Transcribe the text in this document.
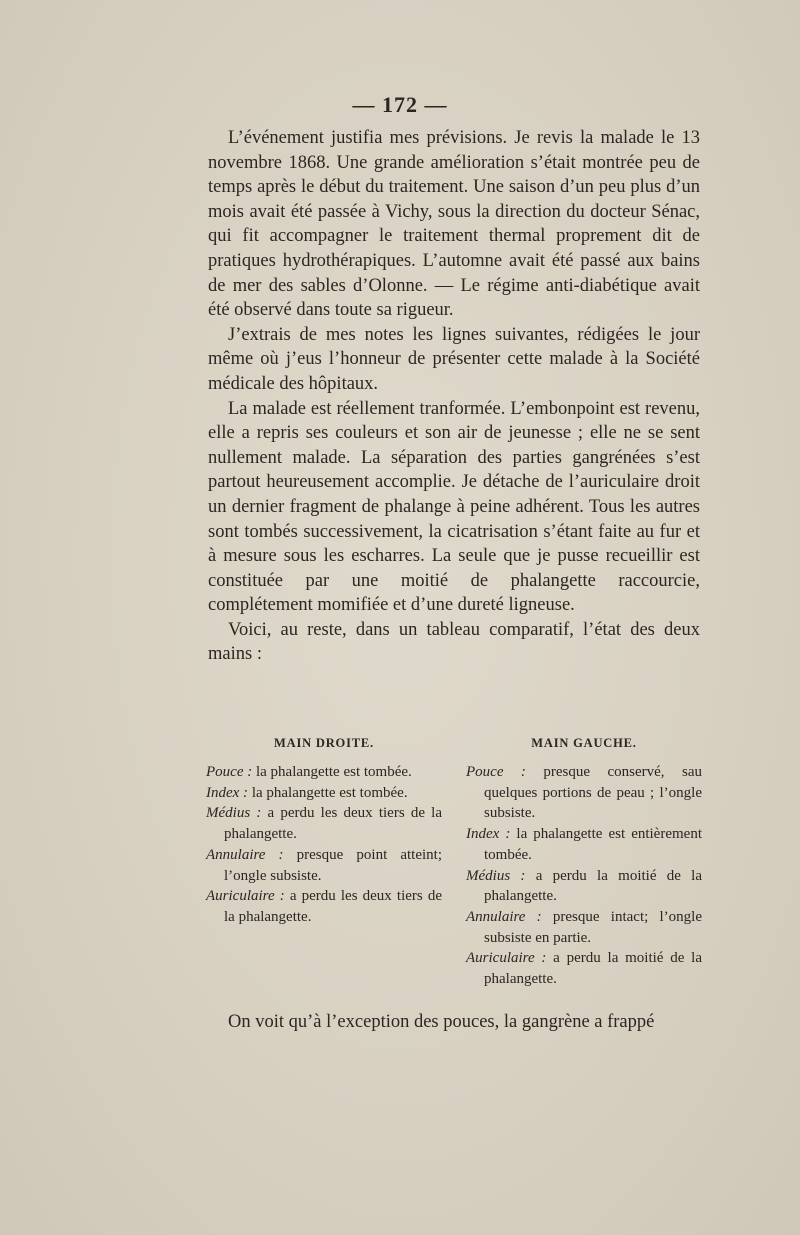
— 172 —

L’événement justifia mes prévisions. Je revis la malade le 13 novembre 1868. Une grande amélioration s’était montrée peu de temps après le début du traitement. Une saison d’un peu plus d’un mois avait été passée à Vichy, sous la direction du docteur Sénac, qui fit accompagner le traitement thermal proprement dit de pratiques hydrothérapiques. L’automne avait été passé aux bains de mer des sables d’Olonne. — Le régime anti-diabétique avait été observé dans toute sa rigueur.

J’extrais de mes notes les lignes suivantes, rédigées le jour même où j’eus l’honneur de présenter cette malade à la Société médicale des hôpitaux.

La malade est réellement tranformée. L’embonpoint est revenu, elle a repris ses couleurs et son air de jeunesse ; elle ne se sent nullement malade. La séparation des parties gangrénées s’est partout heureusement accomplie. Je détache de l’auriculaire droit un dernier fragment de phalange à peine adhérent. Tous les autres sont tombés successivement, la cicatrisation s’étant faite au fur et à mesure sous les escharres. La seule que je pusse recueillir est constituée par une moitié de phalangette raccourcie, complétement momifiée et d’une dureté ligneuse.

Voici, au reste, dans un tableau comparatif, l’état des deux mains :

MAIN DROITE.
Pouce : la phalangette est tombée.
Index : la phalangette est tombée.
Médius : a perdu les deux tiers de la phalangette.
Annulaire : presque point atteint; l’ongle subsiste.
Auriculaire : a perdu les deux tiers de la phalangette.
MAIN GAUCHE.
Pouce : presque conservé, sau quelques portions de peau ; l’ongle subsiste.
Index : la phalangette est entièrement tombée.
Médius : a perdu la moitié de la phalangette.
Annulaire : presque intact; l’ongle subsiste en partie.
Auriculaire : a perdu la moitié de la phalangette.
On voit qu’à l’exception des pouces, la gangrène a frappé
